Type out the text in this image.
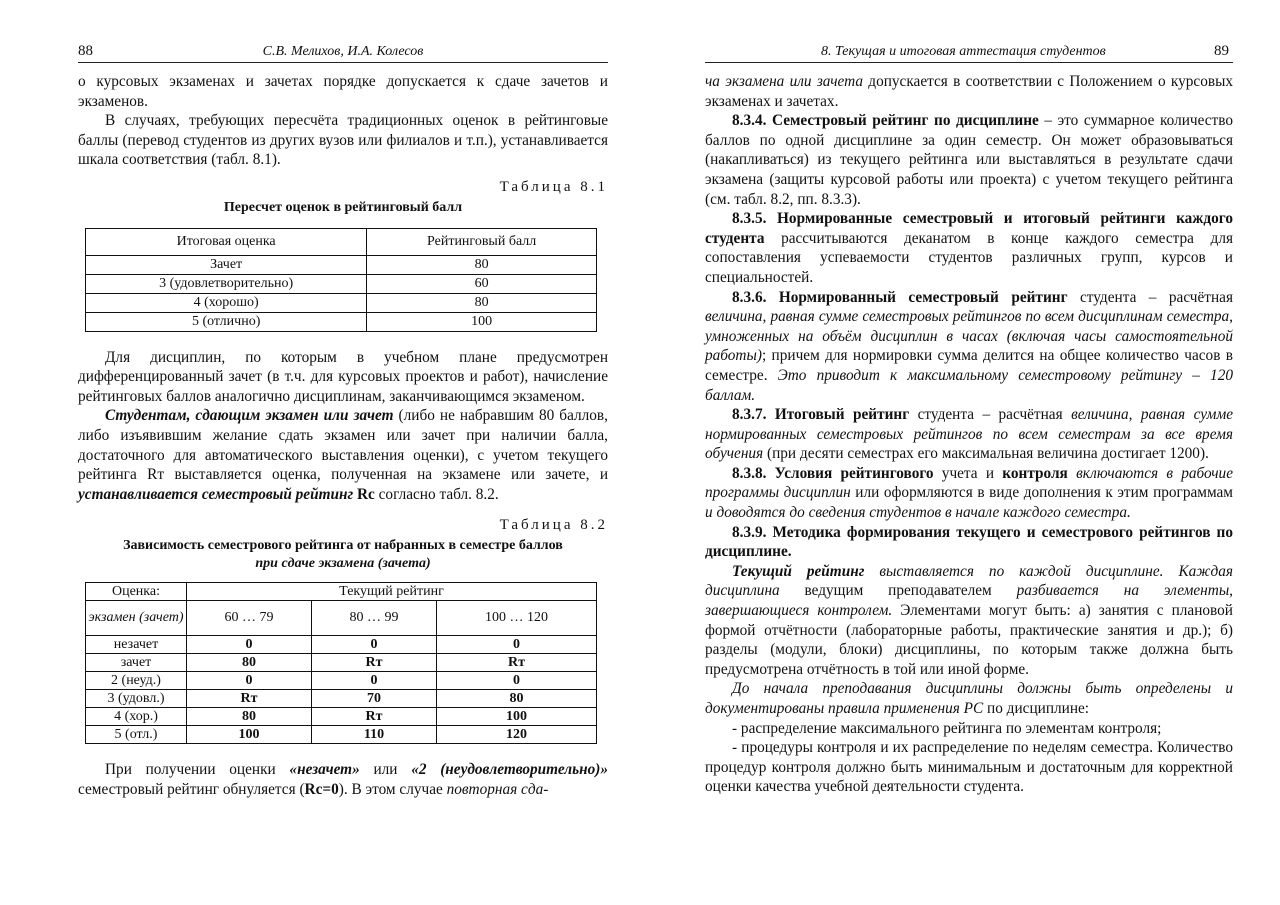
88	С.В. Мелихов, И.А. Колесов

о курсовых экзаменах и зачетах порядке допускается к сдаче зачетов и экзаменов.

В случаях, требующих пересчёта традиционных оценок в рейтинговые баллы (перевод студентов из других вузов или филиалов и т.п.), устанавливается шкала соответствия (табл. 8.1).

Таблица 8.1
Пересчет оценок в рейтинговый балл
Итоговая оценка	Рейтинговый балл
Зачет	80
3 (удовлетворительно)	60
4 (хорошо)	80
5 (отлично)	100

Для дисциплин, по которым в учебном плане предусмотрен дифференцированный зачет (в т.ч. для курсовых проектов и работ), начисление рейтинговых баллов аналогично дисциплинам, заканчивающимся экзаменом.

Студентам, сдающим экзамен или зачет (либо не набравшим 80 баллов, либо изъявившим желание сдать экзамен или зачет при наличии балла, достаточного для автоматического выставления оценки), с учетом текущего рейтинга Rт выставляется оценка, полученная на экзамене или зачете, и устанавливается семестровый рейтинг Rс согласно табл. 8.2.

Таблица 8.2
Зависимость семестрового рейтинга от набранных в семестре баллов
при сдаче экзамена (зачета)
Оценка:	Текущий рейтинг		
экзамен (зачет)	60 … 79	80 … 99	100 … 120
незачет	0	0	0
зачет	80	Rт	Rт
2 (неуд.)	0	0	0
3 (удовл.)	Rт	70	80
4 (хор.)	80	Rт	100
5 (отл.)	100	110	120

При получении оценки «незачет» или «2 (неудовлетворительно)» семестровый рейтинг обнуляется (Rс=0). В этом случае повторная сда-

8. Текущая и итоговая аттестация студентов	89

ча экзамена или зачета допускается в соответствии с Положением о курсовых экзаменах и зачетах.

8.3.4. Семестровый рейтинг по дисциплине – это суммарное количество баллов по одной дисциплине за один семестр. Он может образовываться (накапливаться) из текущего рейтинга или выставляться в результате сдачи экзамена (защиты курсовой работы или проекта) с учетом текущего рейтинга (см. табл. 8.2, пп. 8.3.3).

8.3.5. Нормированные семестровый и итоговый рейтинги каждого студента рассчитываются деканатом в конце каждого семестра для сопоставления успеваемости студентов различных групп, курсов и специальностей.

8.3.6. Нормированный семестровый рейтинг студента – расчётная величина, равная сумме семестровых рейтингов по всем дисциплинам семестра, умноженных на объём дисциплин в часах (включая часы самостоятельной работы); причем для нормировки сумма делится на общее количество часов в семестре. Это приводит к максимальному семестровому рейтингу – 120 баллам.

8.3.7. Итоговый рейтинг студента – расчётная величина, равная сумме нормированных семестровых рейтингов по всем семестрам за все время обучения (при десяти семестрах его максимальная величина достигает 1200).

8.3.8. Условия рейтингового учета и контроля включаются в рабочие программы дисциплин или оформляются в виде дополнения к этим программам и доводятся до сведения студентов в начале каждого семестра.

8.3.9. Методика формирования текущего и семестрового рейтингов по дисциплине.

Текущий рейтинг выставляется по каждой дисциплине. Каждая дисциплина ведущим преподавателем разбивается на элементы, завершающиеся контролем. Элементами могут быть: а) занятия с плановой формой отчётности (лабораторные работы, практические занятия и др.); б) разделы (модули, блоки) дисциплины, по которым также должна быть предусмотрена отчётность в той или иной форме.

До начала преподавания дисциплины должны быть определены и документированы правила применения РС по дисциплине:

- распределение максимального рейтинга по элементам контроля;

- процедуры контроля и их распределение по неделям семестра. Количество процедур контроля должно быть минимальным и достаточным для корректной оценки качества учебной деятельности студента.
